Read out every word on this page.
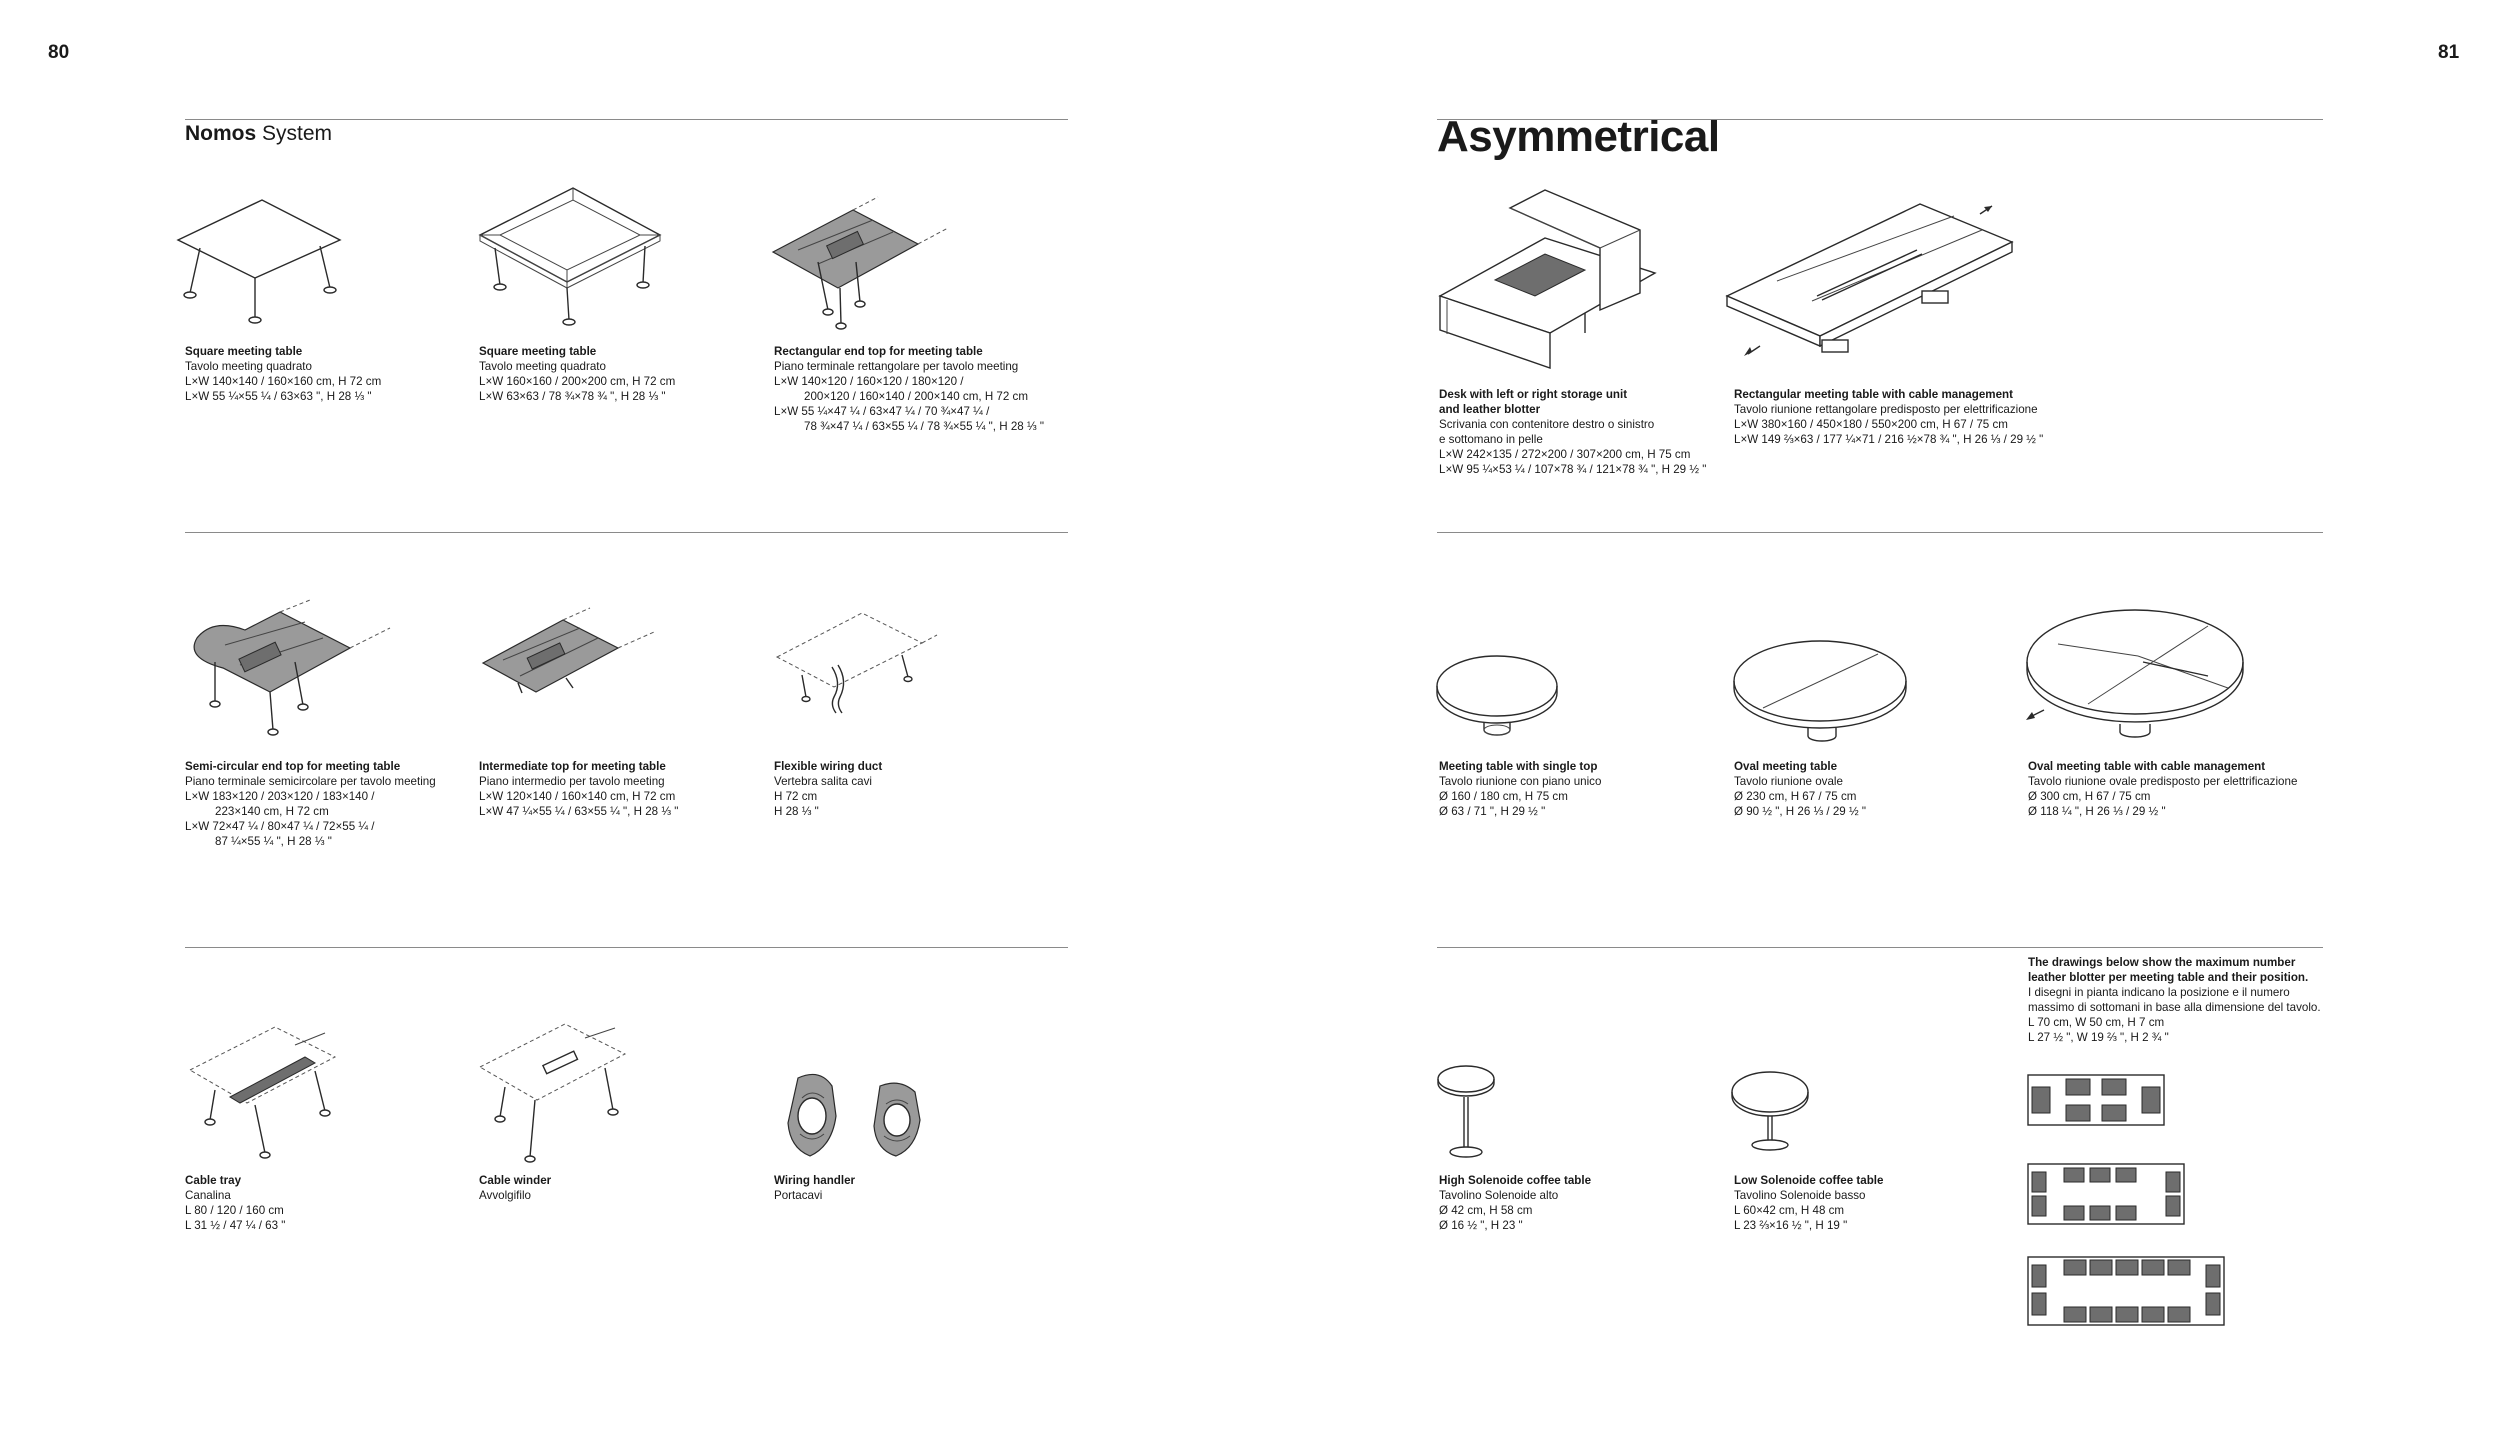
80	81
Nomos System	Asymmetrical
Square meeting table
Tavolo meeting quadrato
L×W 140×140 / 160×160 cm, H 72 cm
L×W 55 ¼×55 ¼ / 63×63 ", H 28 ⅓ "
Square meeting table
Tavolo meeting quadrato
L×W 160×160 / 200×200 cm, H 72 cm
L×W 63×63 / 78 ¾×78 ¾ ", H 28 ⅓ "
Rectangular end top for meeting table
Piano terminale rettangolare per tavolo meeting
L×W 140×120 / 160×120 / 180×120 /
200×120 / 160×140 / 200×140 cm, H 72 cm
L×W 55 ¼×47 ¼ / 63×47 ¼ / 70 ¾×47 ¼ /
78 ¾×47 ¼ / 63×55 ¼ / 78 ¾×55 ¼ ", H 28 ⅓ "
Desk with left or right storage unit
and leather blotter
Scrivania con contenitore destro o sinistro
e sottomano in pelle
L×W 242×135 / 272×200 / 307×200 cm, H 75 cm
L×W 95 ¼×53 ¼ / 107×78 ¾ / 121×78 ¾ ", H 29 ½ "
Rectangular meeting table with cable management
Tavolo riunione rettangolare predisposto per elettrificazione
L×W 380×160 / 450×180 / 550×200 cm, H 67 / 75 cm
L×W 149 ⅔×63 / 177 ¼×71 / 216 ½×78 ¾ ", H 26 ⅓ / 29 ½ "
Semi-circular end top for meeting table
Piano terminale semicircolare per tavolo meeting
L×W 183×120 / 203×120 / 183×140 /
223×140 cm, H 72 cm
L×W 72×47 ¼ / 80×47 ¼ / 72×55 ¼ /
87 ¼×55 ¼ ", H 28 ⅓ "
Intermediate top for meeting table
Piano intermedio per tavolo meeting
L×W 120×140 / 160×140 cm, H 72 cm
L×W 47 ¼×55 ¼ / 63×55 ¼ ", H 28 ⅓ "
Flexible wiring duct
Vertebra salita cavi
H 72 cm
H 28 ⅓ "
Meeting table with single top
Tavolo riunione con piano unico
Ø 160 / 180 cm, H 75 cm
Ø 63 / 71 ", H 29 ½ "
Oval meeting table
Tavolo riunione ovale
Ø 230 cm, H 67 / 75 cm
Ø 90 ½ ", H 26 ⅓ / 29 ½ "
Oval meeting table with cable management
Tavolo riunione ovale predisposto per elettrificazione
Ø 300 cm, H 67 / 75 cm
Ø 118 ¼ ", H 26 ⅓ / 29 ½ "
Cable tray
Canalina
L 80 / 120 / 160 cm
L 31 ½ / 47 ¼ / 63 "
Cable winder
Avvolgifilo
Wiring handler
Portacavi
High Solenoide coffee table
Tavolino Solenoide alto
Ø 42 cm, H 58 cm
Ø 16 ½ ", H 23 "
Low Solenoide coffee table
Tavolino Solenoide basso
L 60×42 cm, H 48 cm
L 23 ⅔×16 ½ ", H 19 "
The drawings below show the maximum number
leather blotter per meeting table and their position.
I disegni in pianta indicano la posizione e il numero
massimo di sottomani in base alla dimensione del tavolo.
L 70 cm, W 50 cm, H 7 cm
L 27 ½ ", W 19 ⅔ ", H 2 ¾ "
